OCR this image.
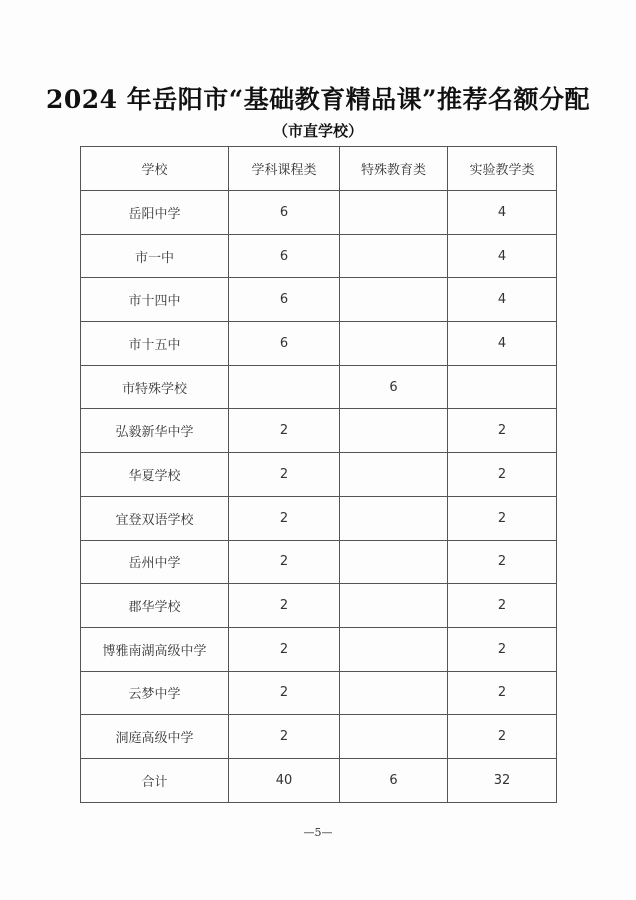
2024 年岳阳市“基础教育精品课”推荐名额分配
（市直学校）
学校	学科课程类	特殊教育类	实验教学类
岳阳中学	6		4
市一中	6		4
市十四中	6		4
市十五中	6		4
市特殊学校		6	
弘毅新华中学	2		2
华夏学校	2		2
宜登双语学校	2		2
岳州中学	2		2
郡华学校	2		2
博雅南湖高级中学	2		2
云梦中学	2		2
洞庭高级中学	2		2
合计	40	6	32
—5—
